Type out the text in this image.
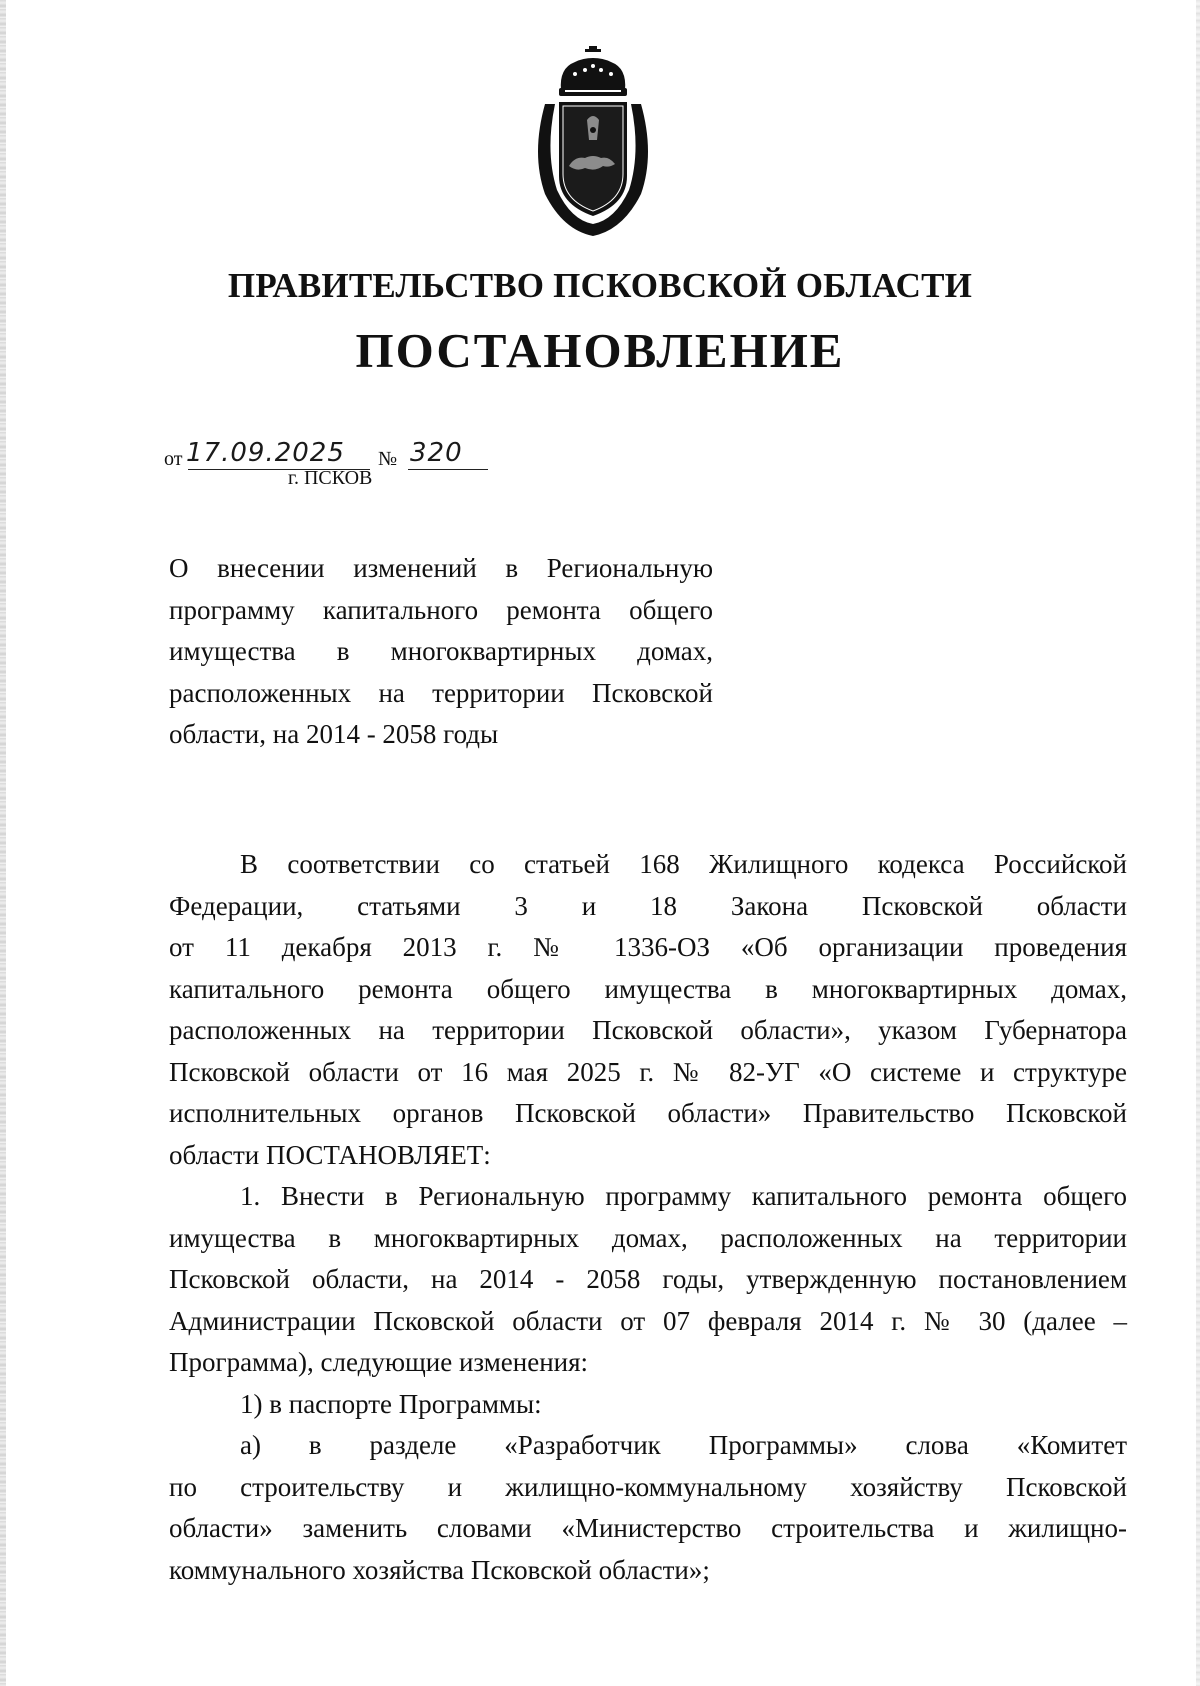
ПРАВИТЕЛЬСТВО ПСКОВСКОЙ ОБЛАСТИ
ПОСТАНОВЛЕНИЕ
от 17.09.2025 № 320
г. ПСКОВ
О внесении изменений в Региональную
программу капитального ремонта общего
имущества в многоквартирных домах,
расположенных на территории Псковской
области, на 2014 - 2058 годы
В соответствии со статьей 168 Жилищного кодекса Российской
Федерации, статьями 3 и 18 Закона Псковской области
от 11 декабря 2013 г. № 1336-ОЗ «Об организации проведения
капитального ремонта общего имущества в многоквартирных домах,
расположенных на территории Псковской области», указом Губернатора
Псковской области от 16 мая 2025 г. № 82-УГ «О системе и структуре
исполнительных органов Псковской области» Правительство Псковской
области ПОСТАНОВЛЯЕТ:
1. Внести в Региональную программу капитального ремонта общего
имущества в многоквартирных домах, расположенных на территории
Псковской области, на 2014 - 2058 годы, утвержденную постановлением
Администрации Псковской области от 07 февраля 2014 г. № 30 (далее –
Программа), следующие изменения:
1) в паспорте Программы:
а) в разделе «Разработчик Программы» слова «Комитет
по строительству и жилищно-коммунальному хозяйству Псковской
области» заменить словами «Министерство строительства и жилищно-
коммунального хозяйства Псковской области»;
